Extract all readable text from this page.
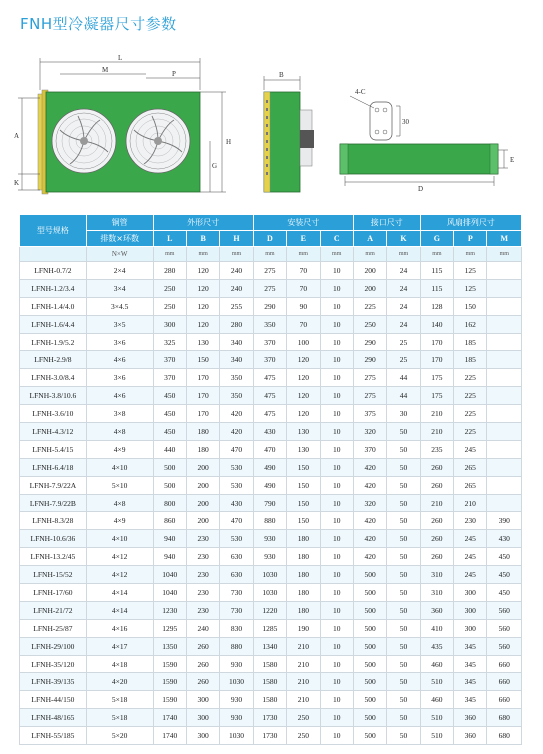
FNH型冷凝器尺寸参数
L
M	P
A
H
G
K
B
4-C
30
E
D
型号规格	铜管	外形尺寸			安装尺寸			接口尺寸		风扇排列尺寸		
	排数×环数	L	B	H	D	E	C	A	K	G	P	M
	N×W	mm	mm	mm	mm	mm	mm	mm	mm	mm	mm	mm
LFNH-0.7/2	2×4	280	120	240	275	70	10	200	24	115	125	
LFNH-1.2/3.4	3×4	250	120	240	275	70	10	200	24	115	125	
LFNH-1.4/4.0	3×4.5	250	120	255	290	90	10	225	24	128	150	
LFNH-1.6/4.4	3×5	300	120	280	350	70	10	250	24	140	162	
LFNH-1.9/5.2	3×6	325	130	340	370	100	10	290	25	170	185	
LFNH-2.9/8	4×6	370	150	340	370	120	10	290	25	170	185	
LFNH-3.0/8.4	3×6	370	170	350	475	120	10	275	44	175	225	
LFNH-3.8/10.6	4×6	450	170	350	475	120	10	275	44	175	225	
LFNH-3.6/10	3×8	450	170	420	475	120	10	375	30	210	225	
LFNH-4.3/12	4×8	450	180	420	430	130	10	320	50	210	225	
LFNH-5.4/15	4×9	440	180	470	470	130	10	370	50	235	245	
LFNH-6.4/18	4×10	500	200	530	490	150	10	420	50	260	265	
LFNH-7.9/22A	5×10	500	200	530	490	150	10	420	50	260	265	
LFNH-7.9/22B	4×8	800	200	430	790	150	10	320	50	210	210	
LFNH-8.3/28	4×9	860	200	470	880	150	10	420	50	260	230	390
LFNH-10.6/36	4×10	940	230	530	930	180	10	420	50	260	245	430
LFNH-13.2/45	4×12	940	230	630	930	180	10	420	50	260	245	450
LFNH-15/52	4×12	1040	230	630	1030	180	10	500	50	310	245	450
LFNH-17/60	4×14	1040	230	730	1030	180	10	500	50	310	300	450
LFNH-21/72	4×14	1230	230	730	1220	180	10	500	50	360	300	560
LFNH-25/87	4×16	1295	240	830	1285	190	10	500	50	410	300	560
LFNH-29/100	4×17	1350	260	880	1340	210	10	500	50	435	345	560
LFNH-35/120	4×18	1590	260	930	1580	210	10	500	50	460	345	660
LFNH-39/135	4×20	1590	260	1030	1580	210	10	500	50	510	345	660
LFNH-44/150	5×18	1590	300	930	1580	210	10	500	50	460	345	660
LFNH-48/165	5×18	1740	300	930	1730	250	10	500	50	510	360	680
LFNH-55/185	5×20	1740	300	1030	1730	250	10	500	50	510	360	680
